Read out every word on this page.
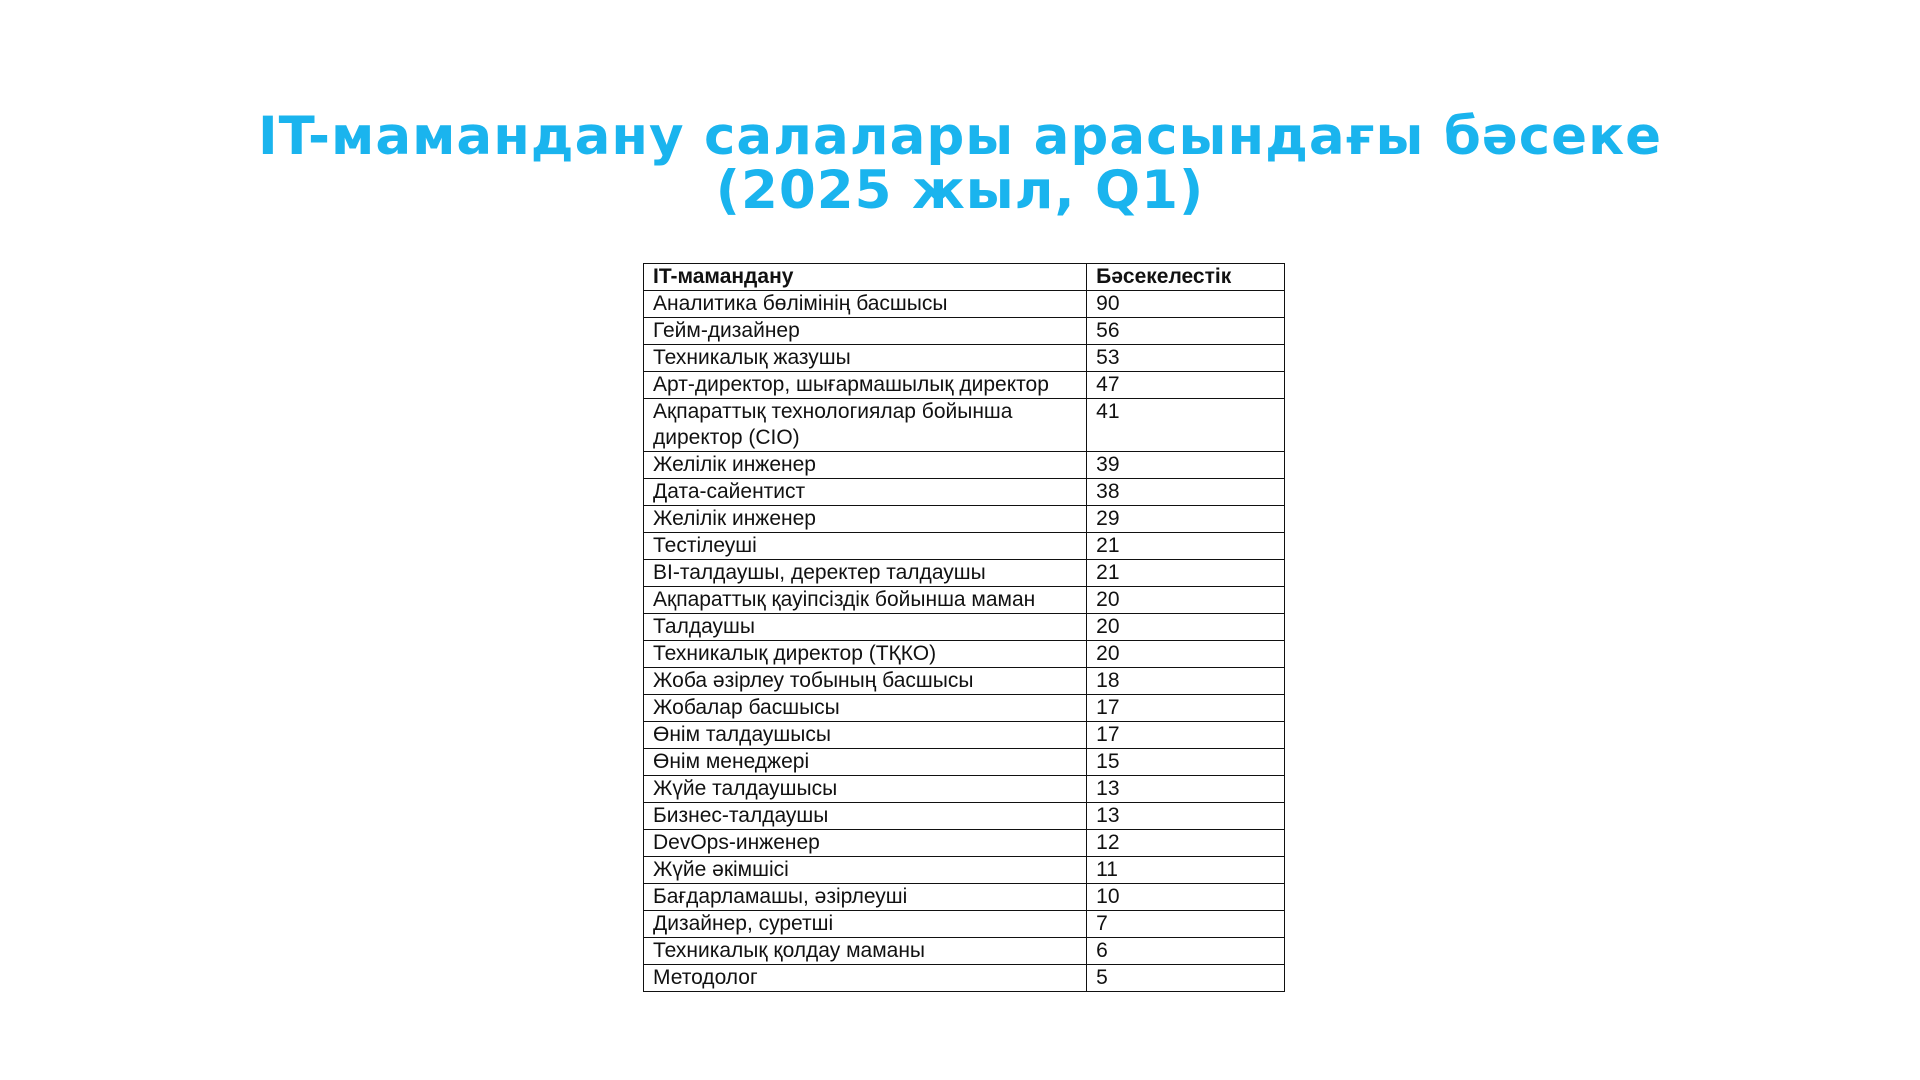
IT-мамандану салалары арасындағы бәсеке
(2025 жыл, Q1)
IT-мамандану	Бәсекелестік
Аналитика бөлімінің басшысы	90
Гейм-дизайнер	56
Техникалық жазушы	53
Арт-директор, шығармашылық директор	47
Ақпараттық технологиялар бойынша директор (CIO)	41
Желілік инженер	39
Дата-сайентист	38
Желілік инженер	29
Тестілеуші	21
BI-талдаушы, деректер талдаушы	21
Ақпараттық қауіпсіздік бойынша маман	20
Талдаушы	20
Техникалық директор (ТҚКО)	20
Жоба әзірлеу тобының басшысы	18
Жобалар басшысы	17
Өнім талдаушысы	17
Өнім менеджері	15
Жүйе талдаушысы	13
Бизнес-талдаушы	13
DevOps-инженер	12
Жүйе әкімшісі	11
Бағдарламашы, әзірлеуші	10
Дизайнер, суретші	7
Техникалық қолдау маманы	6
Методолог	5
